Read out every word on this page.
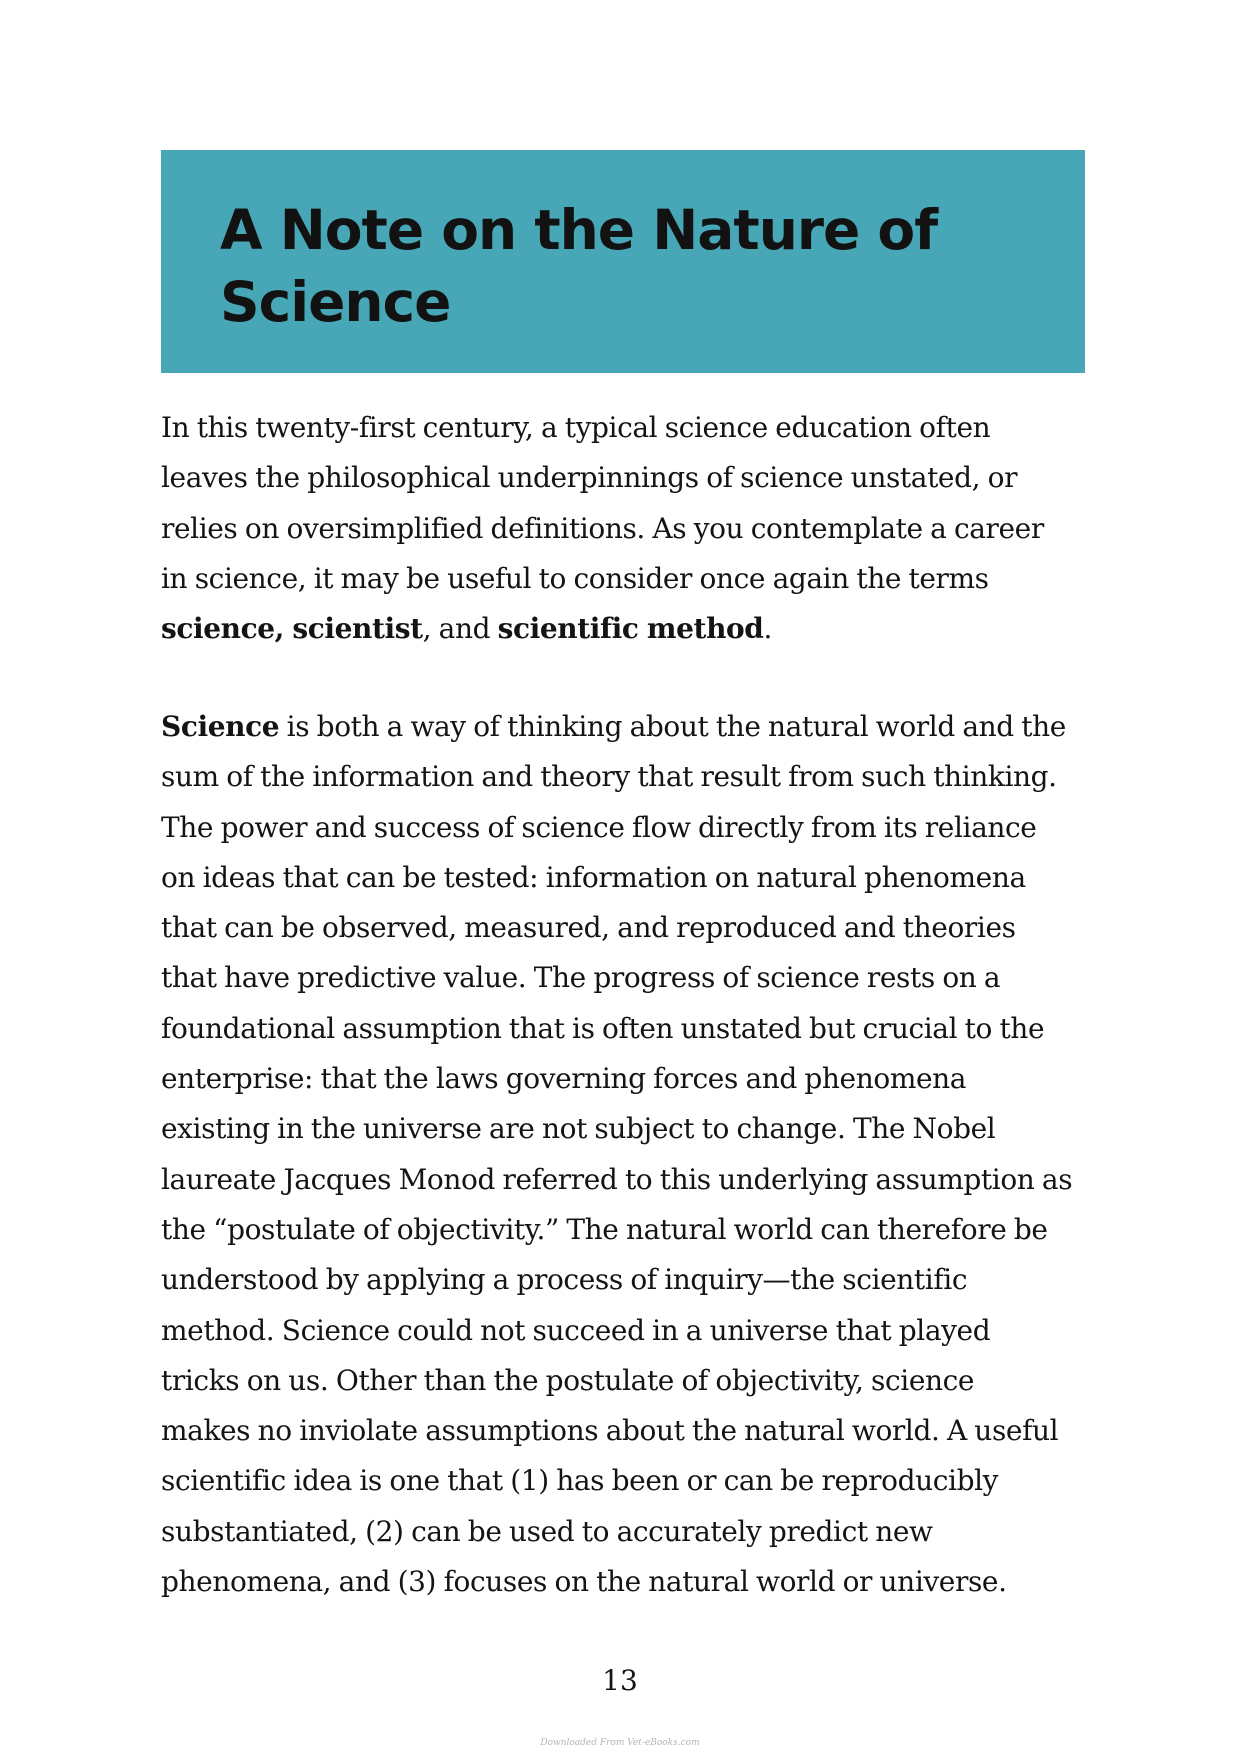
A Note on the Nature of
Science

In this twenty-first century, a typical science education often
leaves the philosophical underpinnings of science unstated, or
relies on oversimplified definitions. As you contemplate a career
in science, it may be useful to consider once again the terms
science, scientist, and scientific method.

Science is both a way of thinking about the natural world and the
sum of the information and theory that result from such thinking.
The power and success of science flow directly from its reliance
on ideas that can be tested: information on natural phenomena
that can be observed, measured, and reproduced and theories
that have predictive value. The progress of science rests on a
foundational assumption that is often unstated but crucial to the
enterprise: that the laws governing forces and phenomena
existing in the universe are not subject to change. The Nobel
laureate Jacques Monod referred to this underlying assumption as
the “postulate of objectivity.” The natural world can therefore be
understood by applying a process of inquiry—the scientific
method. Science could not succeed in a universe that played
tricks on us. Other than the postulate of objectivity, science
makes no inviolate assumptions about the natural world. A useful
scientific idea is one that (1) has been or can be reproducibly
substantiated, (2) can be used to accurately predict new
phenomena, and (3) focuses on the natural world or universe.

13
Downloaded From Vet-eBooks.com
